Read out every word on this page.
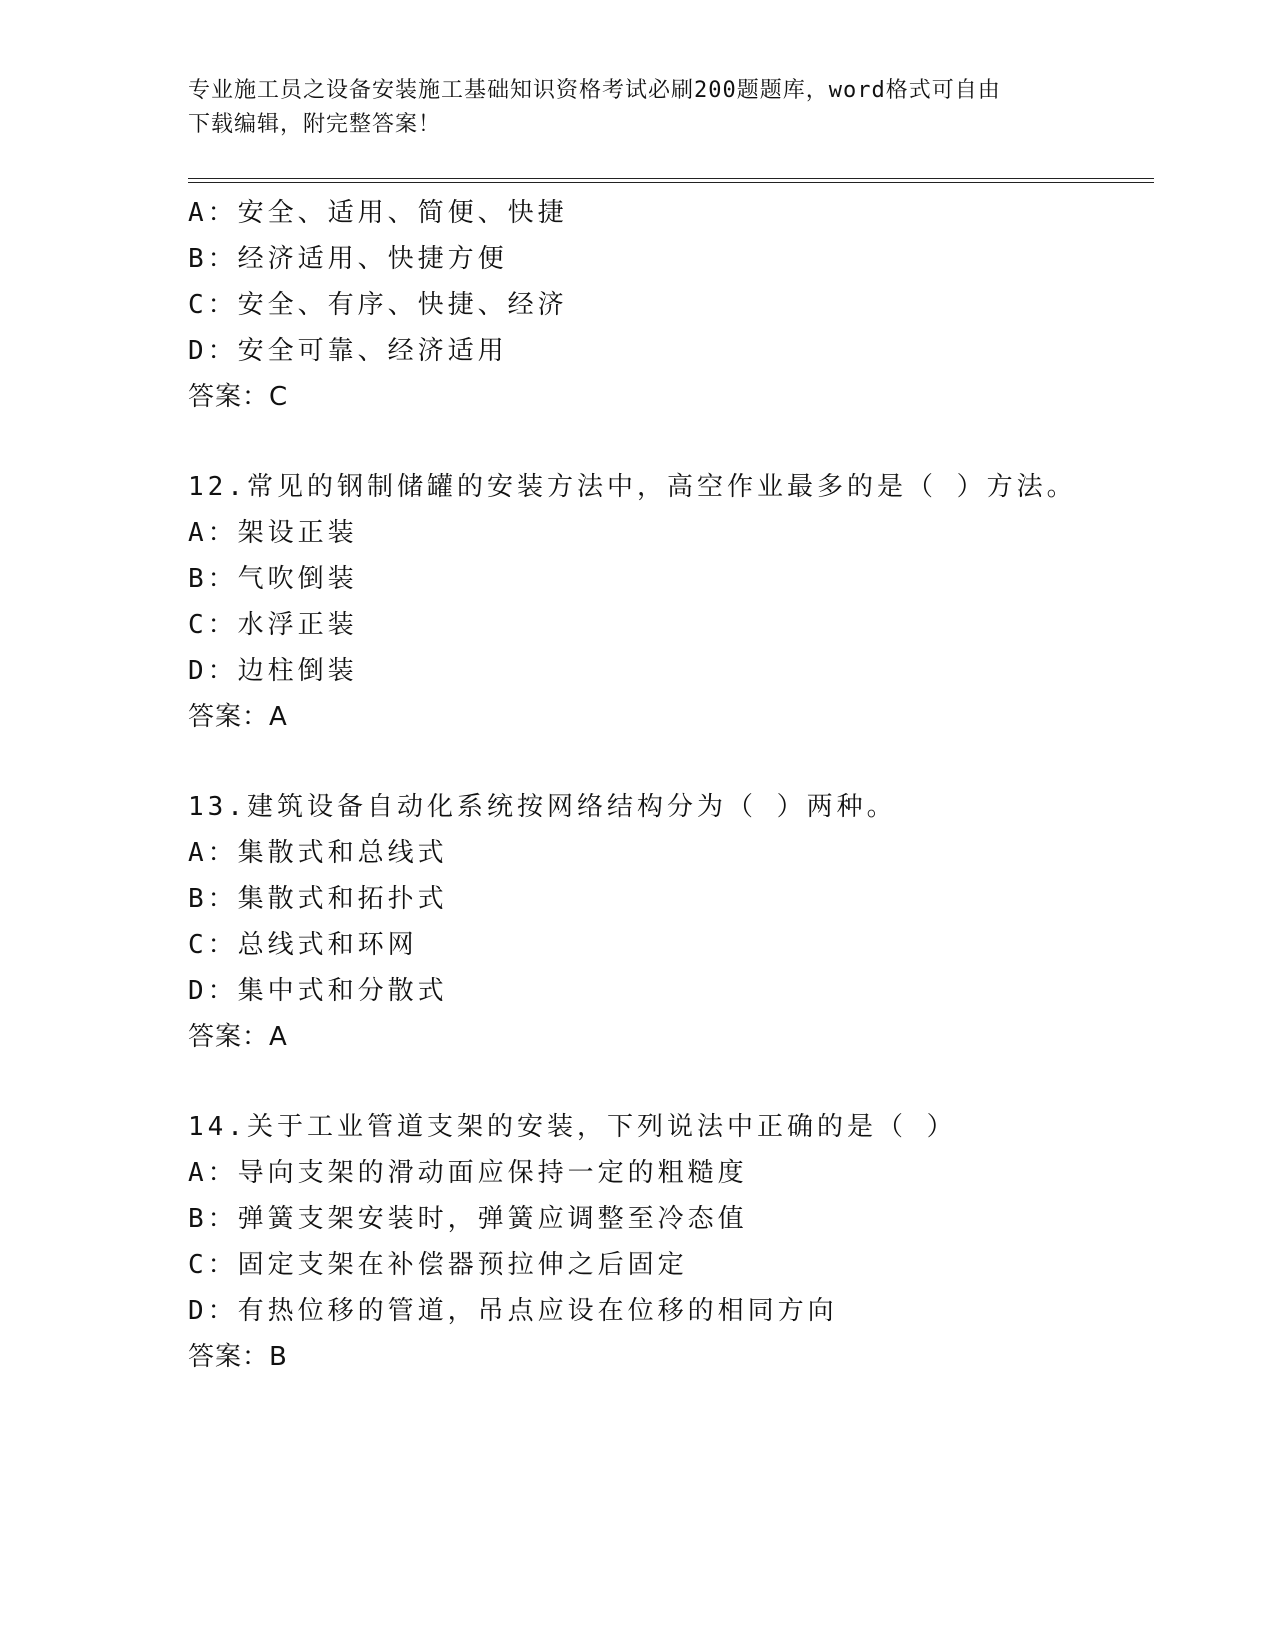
专业施工员之设备安装施工基础知识资格考试必刷200题题库，word格式可自由
下载编辑，附完整答案！
A：安全、适用、简便、快捷
B：经济适用、快捷方便
C：安全、有序、快捷、经济
D：安全可靠、经济适用
答案：C
12.常见的钢制储罐的安装方法中，高空作业最多的是（ ）方法。
A：架设正装
B：气吹倒装
C：水浮正装
D：边柱倒装
答案：A
13.建筑设备自动化系统按网络结构分为（ ）两种。
A：集散式和总线式
B：集散式和拓扑式
C：总线式和环网
D：集中式和分散式
答案：A
14.关于工业管道支架的安装，下列说法中正确的是（ ）
A：导向支架的滑动面应保持一定的粗糙度
B：弹簧支架安装时，弹簧应调整至冷态值
C：固定支架在补偿器预拉伸之后固定
D：有热位移的管道，吊点应设在位移的相同方向
答案：B
